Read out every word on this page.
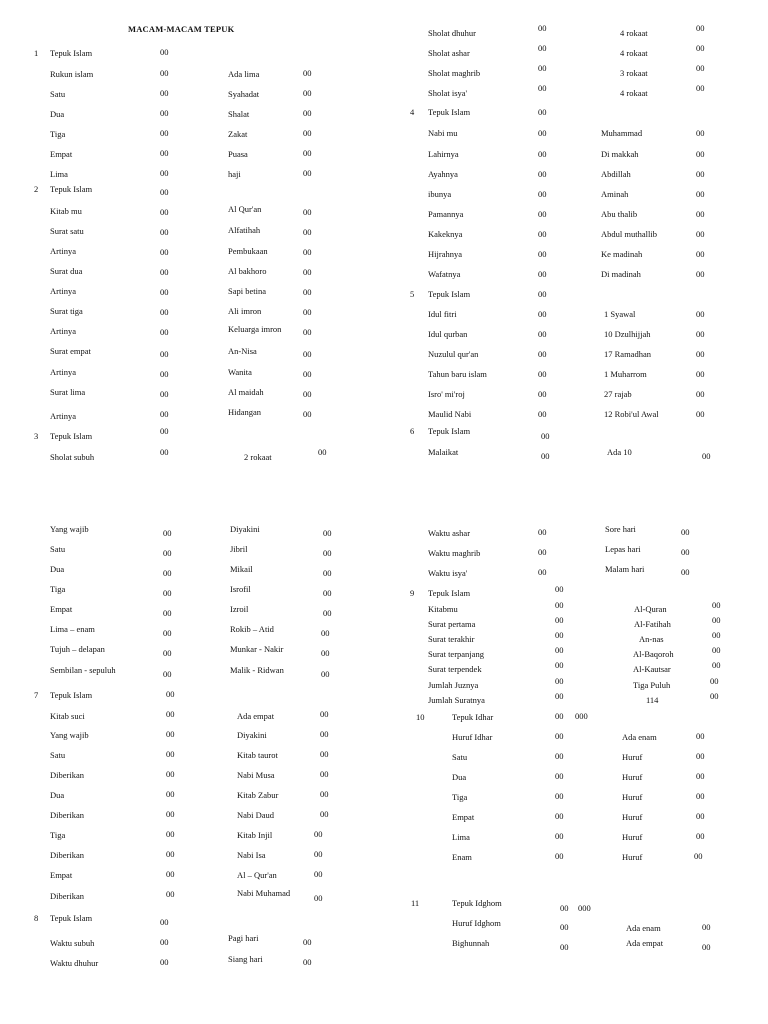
MACAM-MACAM TEPUK
1 Tepuk Islam	00
Rukun islam	00	Ada lima	00
Satu	00	Syahadat	00
Dua	00	Shalat	00
Tiga	00	Zakat	00
Empat	00	Puasa	00
Lima	00	haji	00
2 Tepuk Islam	00
Kitab mu	00	Al Qur'an	00
Surat satu	00	Alfatihah	00
Artinya	00	Pembukaan	00
Surat dua	00	Al bakhoro	00
Artinya	00	Sapi betina	00
Surat tiga	00	Ali imron	00
Artinya	00	Keluarga imron	00
Surat empat	00	An-Nisa	00
Artinya	00	Wanita	00
Surat lima	00	Al maidah	00
Artinya	00	Hidangan	00
3 Tepuk Islam	00
Sholat subuh	00	2 rokaat	00
Sholat dhuhur	00	4 rokaat	00
Sholat ashar	00	4 rokaat	00
Sholat maghrib	00	3 rokaat	00
Sholat isya'	00	4 rokaat	00
4 Tepuk Islam	00
Nabi mu	00	Muhammad	00
Lahirnya	00	Di makkah	00
Ayahnya	00	Abdillah	00
ibunya	00	Aminah	00
Pamannya	00	Abu thalib	00
Kakeknya	00	Abdul muthallib	00
Hijrahnya	00	Ke madinah	00
Wafatnya	00	Di madinah	00
5 Tepuk Islam	00
Idul fitri	00	1 Syawal	00
Idul qurban	00	10 Dzulhijjah	00
Nuzulul qur'an	00	17 Ramadhan	00
Tahun baru islam	00	1 Muharrom	00
Isro' mi'roj	00	27 rajab	00
Maulid Nabi	00	12 Robi'ul Awal	00
6 Tepuk Islam	00
Malaikat	00	Ada 10	00
Yang wajib	00	Diyakini	00
Satu	00	Jibril	00
Dua	00	Mikail	00
Tiga	00	Isrofil	00
Empat	00	Izroil	00
Lima – enam	00	Rokib – Atid	00
Tujuh – delapan	00	Munkar - Nakir	00
Sembilan - sepuluh	00	Malik - Ridwan	00
7 Tepuk Islam	00
Kitab suci	00	Ada empat	00
Yang wajib	00	Diyakini	00
Satu	00	Kitab taurot	00
Diberikan	00	Nabi Musa	00
Dua	00	Kitab Zabur	00
Diberikan	00	Nabi Daud	00
Tiga	00	Kitab Injil	00
Diberikan	00	Nabi Isa	00
Empat	00	Al – Qur'an	00
Diberikan	00	Nabi Muhamad	00
8 Tepuk Islam	00
Waktu subuh	00	Pagi hari	00
Waktu dhuhur	00	Siang hari	00
Waktu ashar	00	Sore hari	00
Waktu maghrib	00	Lepas hari	00
Waktu isya'	00	Malam hari	00
9 Tepuk Islam	00
Kitabmu	00	Al-Quran	00
Surat pertama	00	Al-Fatihah	00
Surat terakhir	00	An-nas	00
Surat terpanjang	00	Al-Baqoroh	00
Surat terpendek	00	Al-Kautsar	00
Jumlah Juznya	00	Tiga Puluh	00
Jumlah Suratnya	00	114	00
10	Tepuk Idhar	00 000
Huruf Idhar	00	Ada enam	00
Satu	00	Huruf	00
Dua	00	Huruf	00
Tiga	00	Huruf	00
Empat	00	Huruf	00
Lima	00	Huruf	00
Enam	00	Huruf	00
11	Tepuk Idghom	00 000
Huruf Idghom	00	Ada enam	00
Bighunnah	00	Ada empat	00
